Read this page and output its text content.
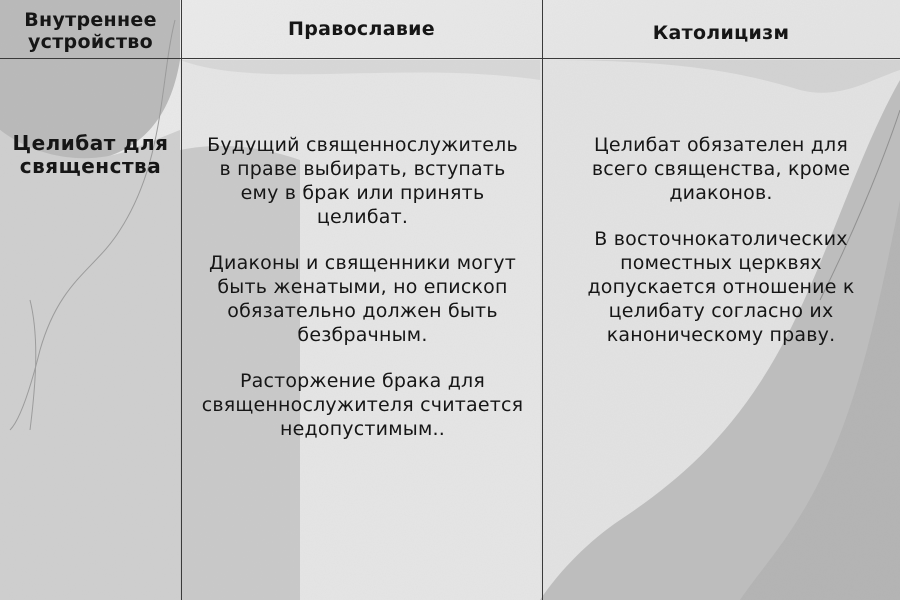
Внутреннее устройство
Православие	Католицизм
Целибат для священства

Будущий священнослужитель в праве выбирать, вступать ему в брак или принять целибат.

Диаконы и священники могут быть женатыми, но епископ обязательно должен быть безбрачным.

Расторжение брака для священнослужителя считается недопустимым..

Целибат обязателен для всего священства, кроме диаконов.

В восточнокатолических поместных церквях допускается отношение к целибату согласно их каноническому праву.
